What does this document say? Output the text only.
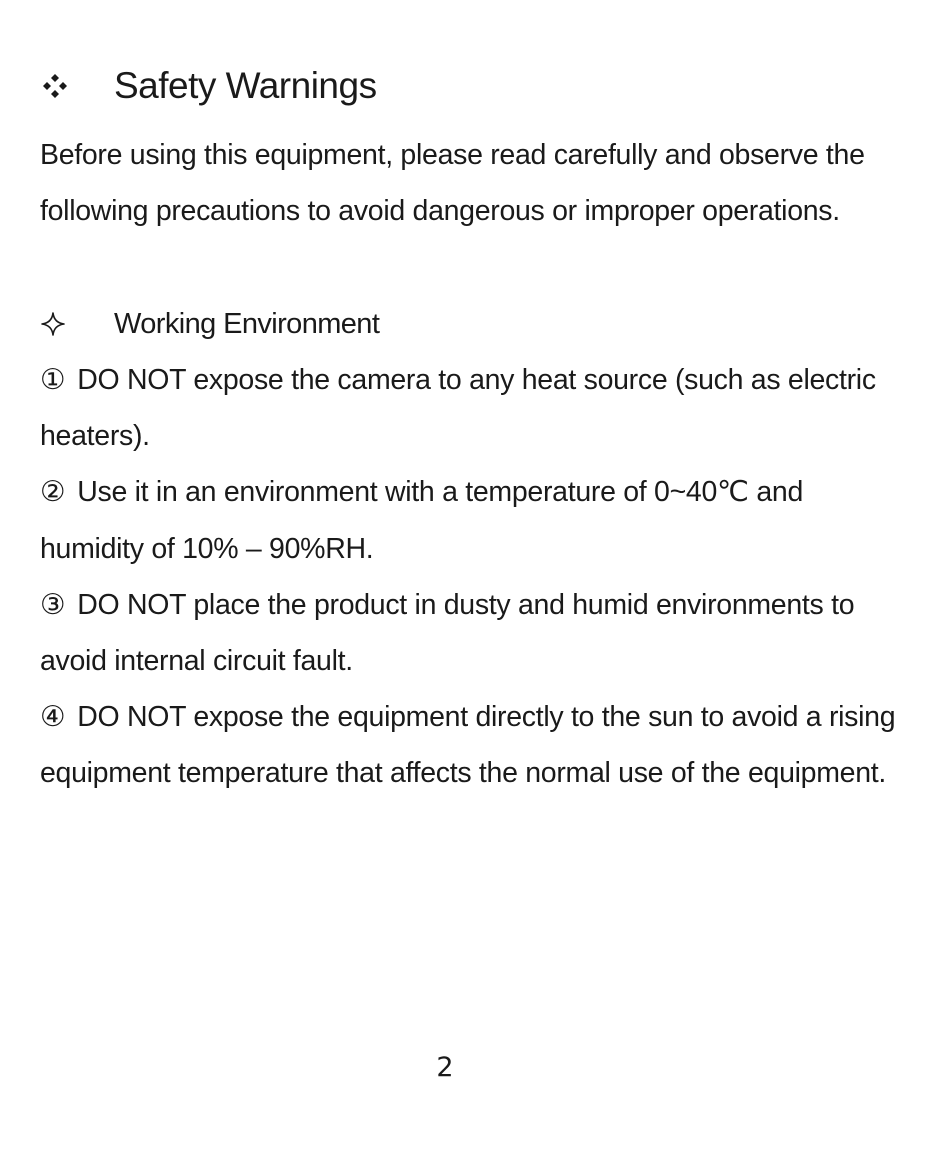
Safety Warnings
Before using this equipment, please read carefully and observe the following precautions to avoid dangerous or improper operations.
Working Environment
① DO NOT expose the camera to any heat source (such as electric heaters).
② Use it in an environment with a temperature of 0~40℃ and humidity of 10% – 90%RH.
③ DO NOT place the product in dusty and humid environments to avoid internal circuit fault.
④ DO NOT expose the equipment directly to the sun to avoid a rising equipment temperature that affects the normal use of the equipment.
2
